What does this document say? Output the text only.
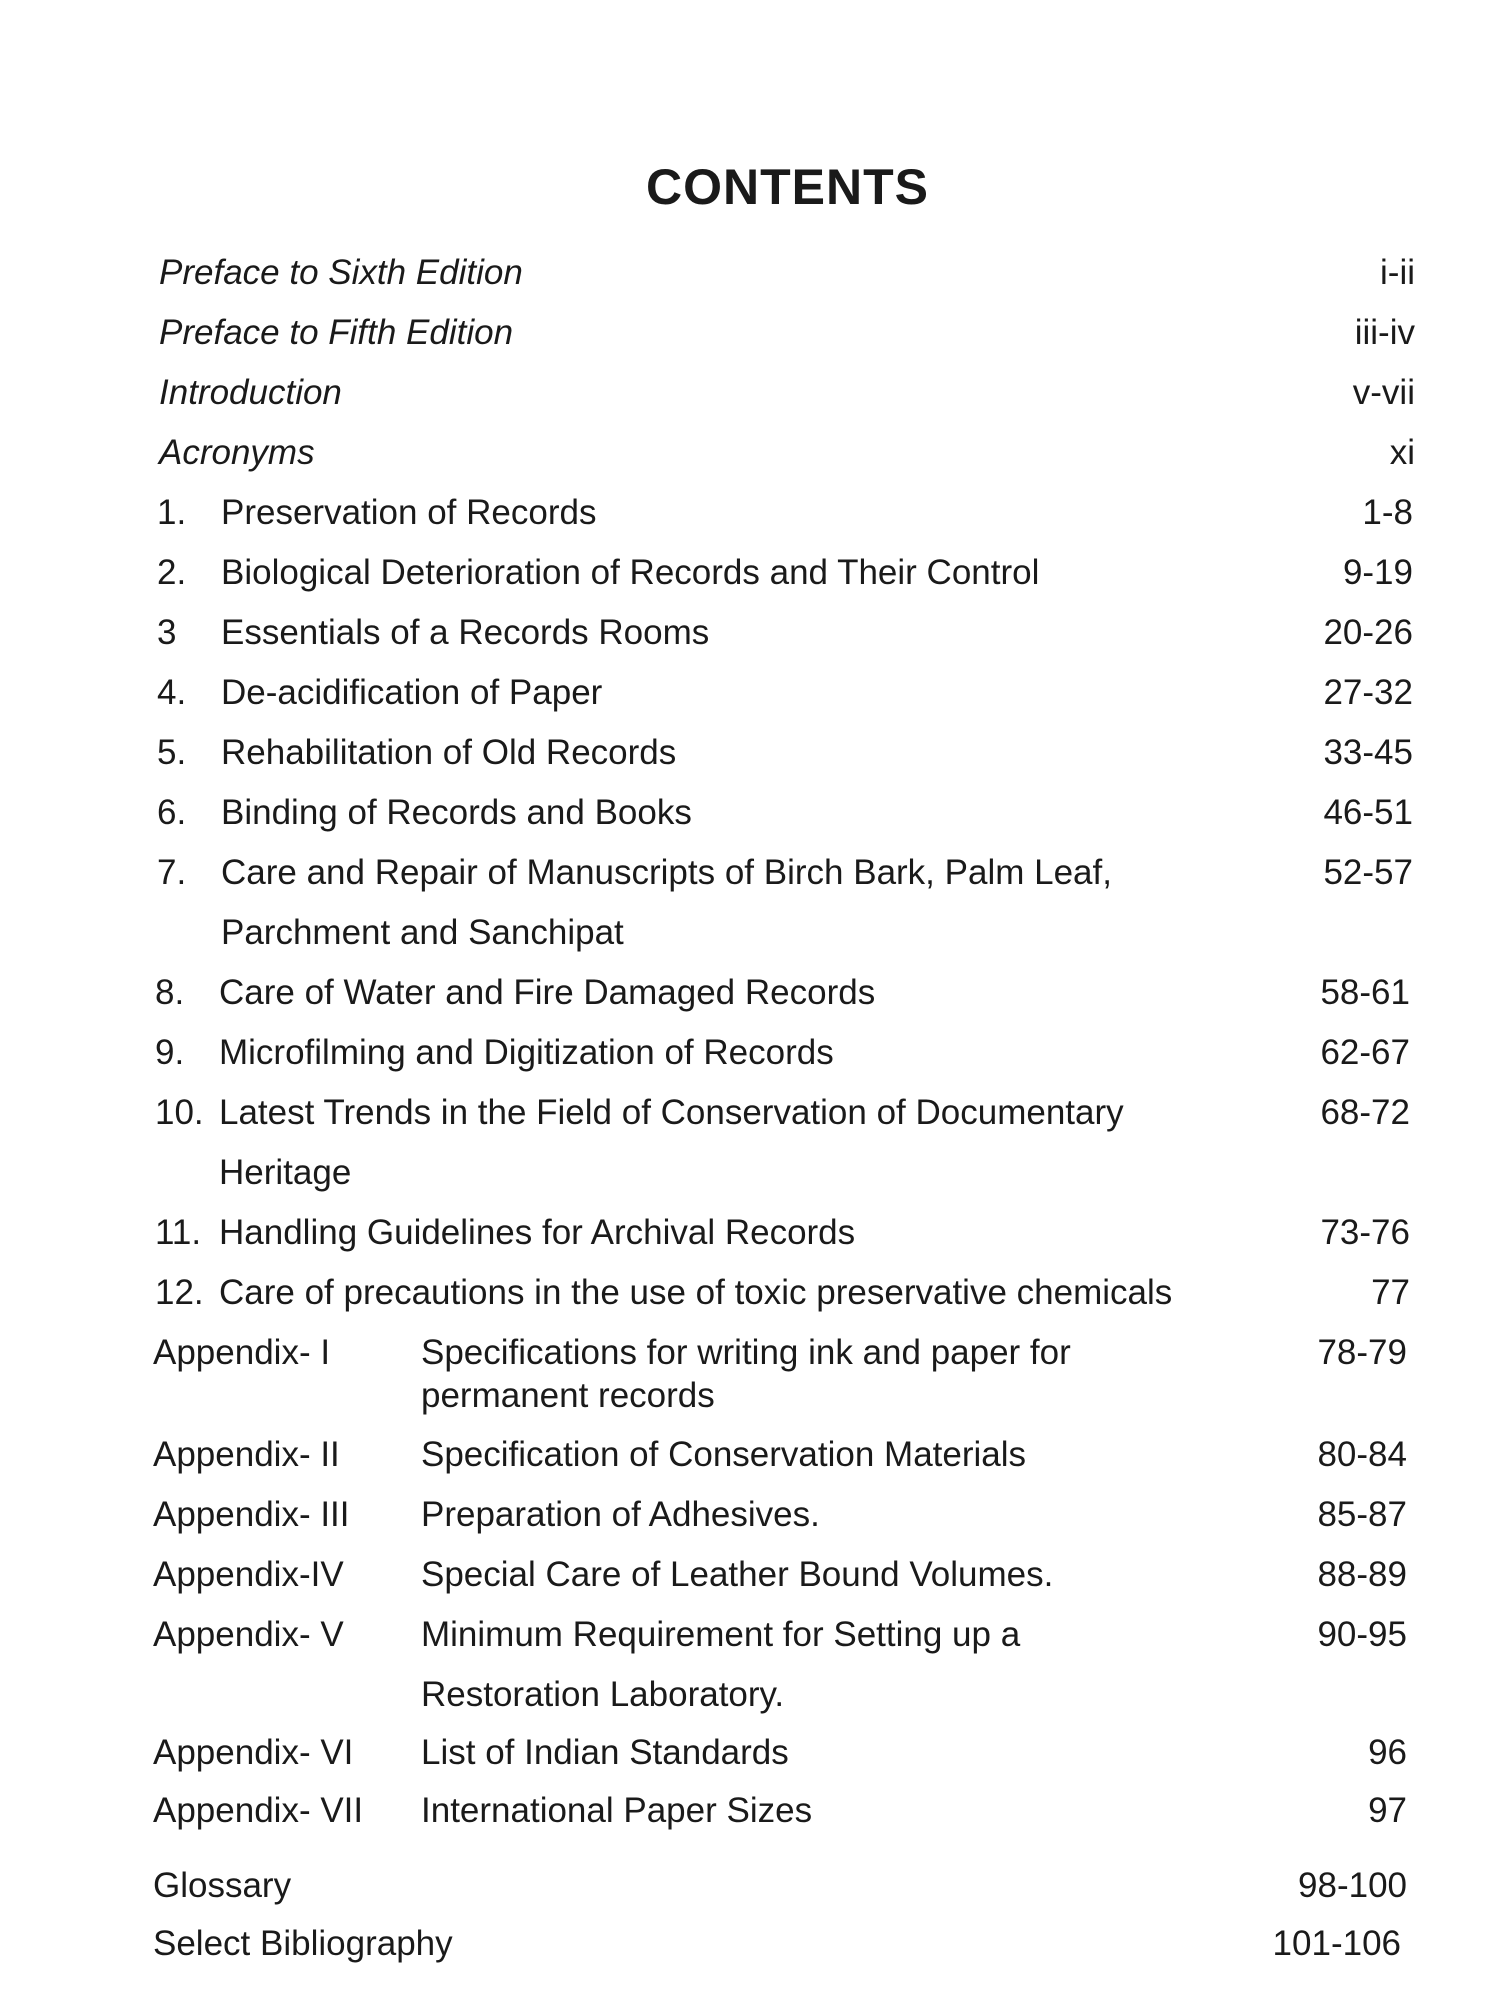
CONTENTS
Preface to Sixth Edition	i-ii
Preface to Fifth Edition	iii-iv
Introduction	v-vii
Acronyms	xi
1. Preservation of Records	1-8
2. Biological Deterioration of Records and Their Control	9-19
3 Essentials of a Records Rooms	20-26
4. De-acidification of Paper	27-32
5. Rehabilitation of Old Records	33-45
6. Binding of Records and Books	46-51
7. Care and Repair of Manuscripts of Birch Bark, Palm Leaf,	52-57
Parchment and Sanchipat
8. Care of Water and Fire Damaged Records	58-61
9. Microfilming and Digitization of Records	62-67
10. Latest Trends in the Field of Conservation of Documentary	68-72
Heritage
11. Handling Guidelines for Archival Records	73-76
12. Care of precautions in the use of toxic preservative chemicals	77
Appendix- I	Specifications for writing ink and paper for	78-79
permanent records
Appendix- II Specification of Conservation Materials	80-84
Appendix- III Preparation of Adhesives.	85-87
Appendix-IV Special Care of Leather Bound Volumes.	88-89
Appendix- V Minimum Requirement for Setting up a	90-95
Restoration Laboratory.
Appendix- VI List of Indian Standards	96
Appendix- VII International Paper Sizes	97
Glossary	98-100
Select Bibliography	101-106
